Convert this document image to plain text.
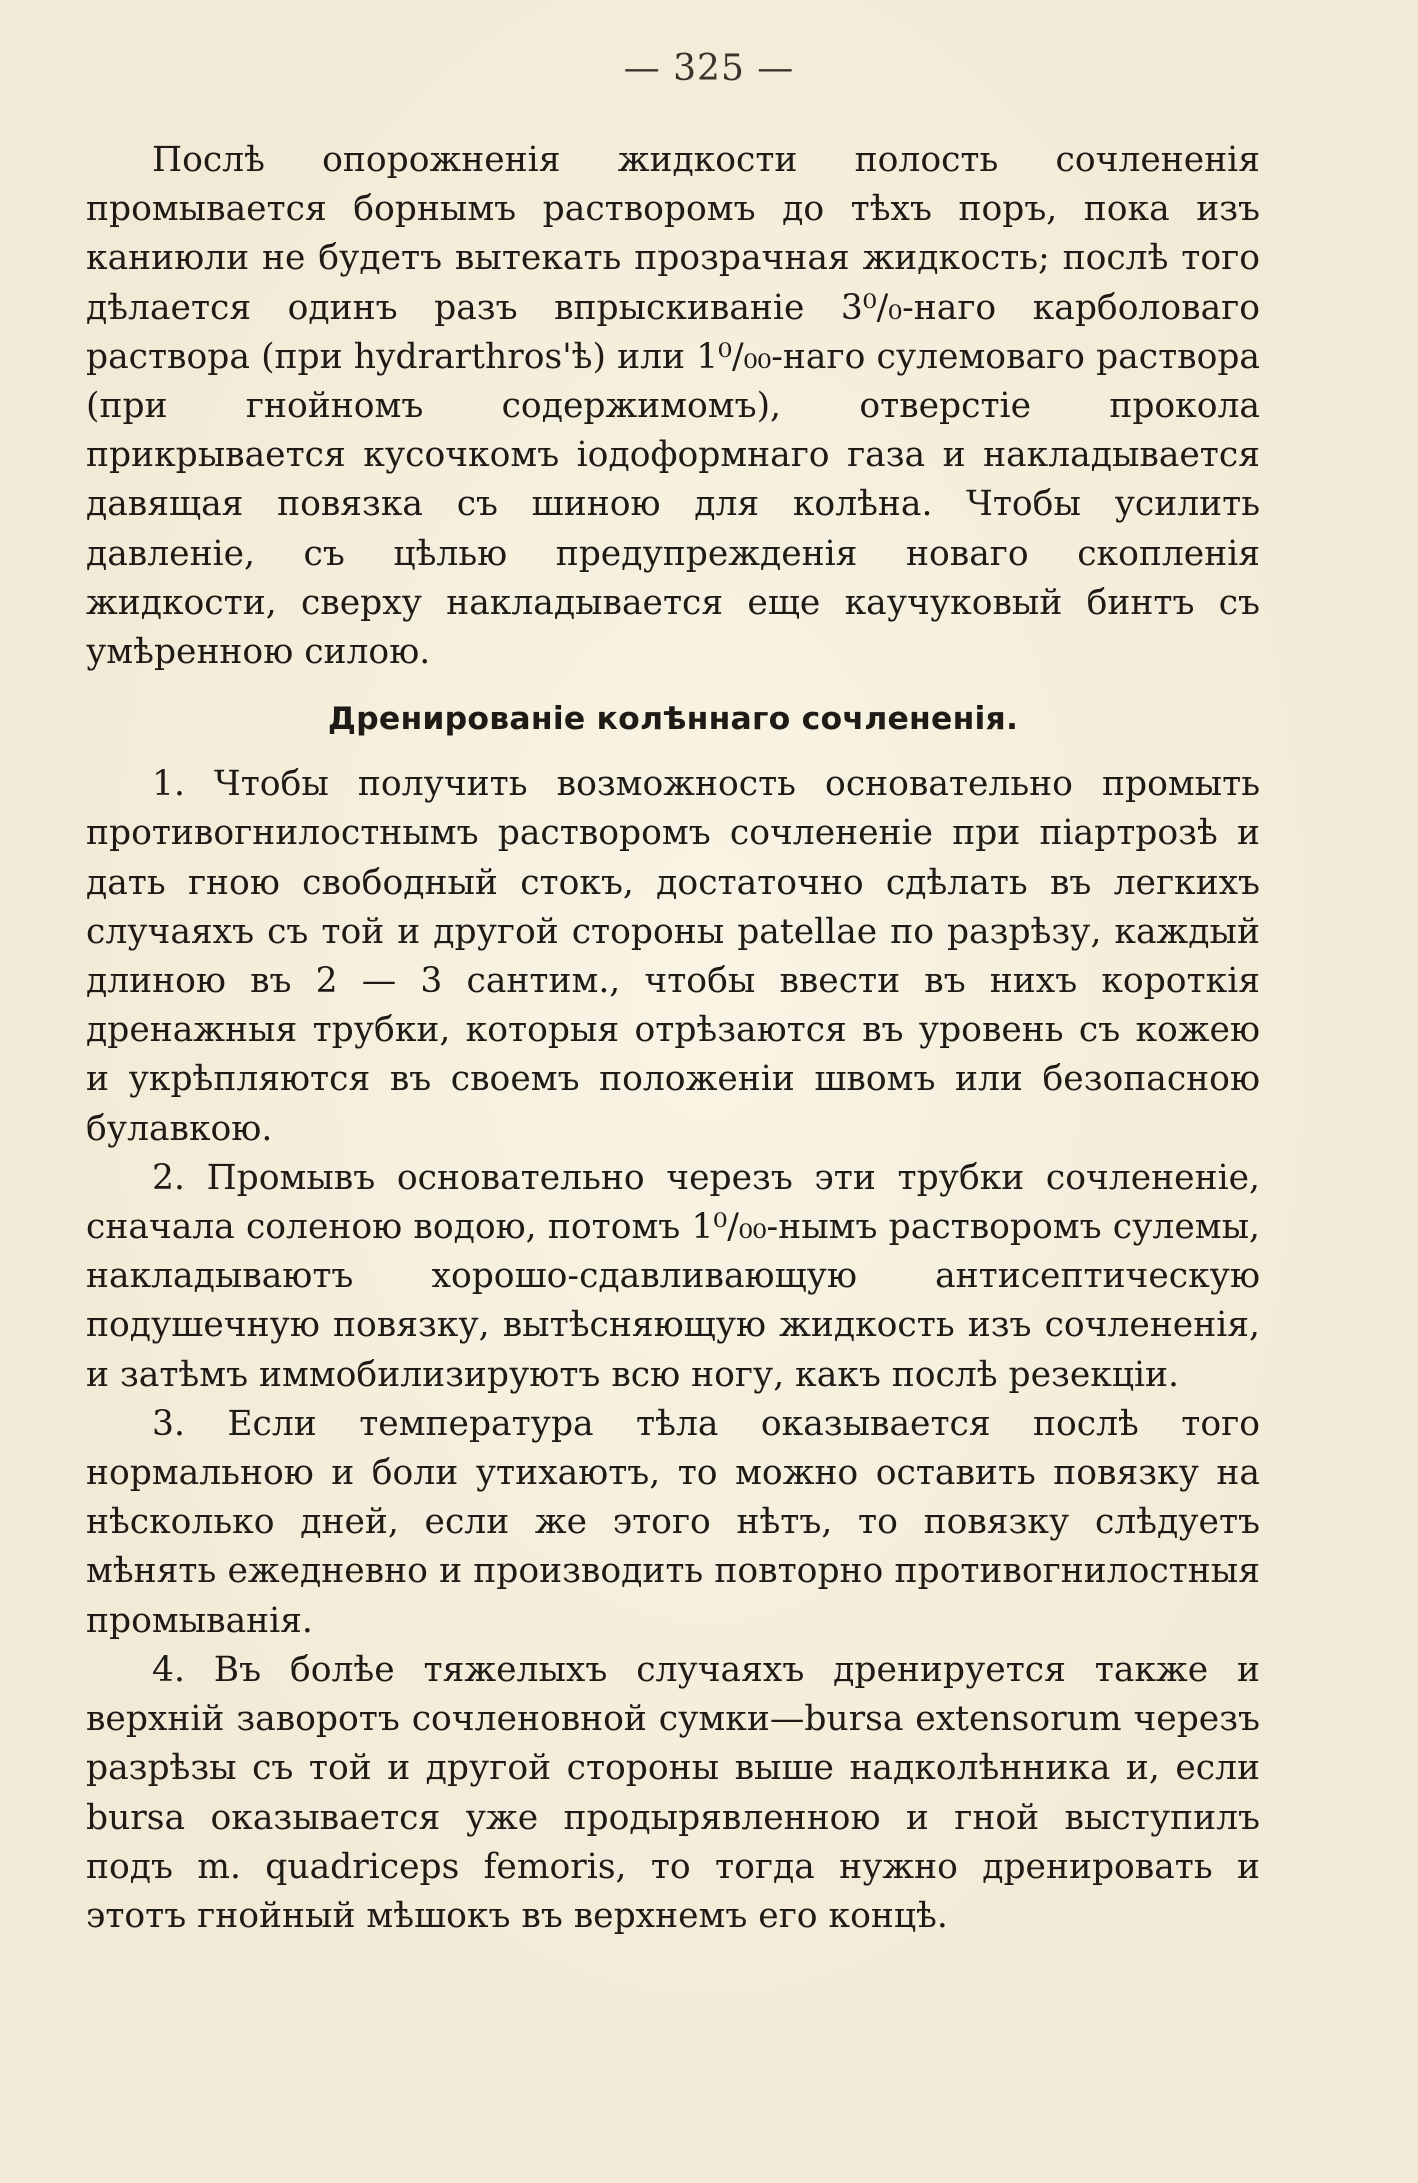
— 325 —

Послѣ опорожненія жидкости полость сочлененія промывается борнымъ растворомъ до тѣхъ поръ, пока изъ каниюли не будетъ вытекать прозрачная жидкость; послѣ того дѣлается одинъ разъ впрыскиваніе 3⁰/₀-наго карболоваго раствора (при hydrarthros'ѣ) или 1⁰/₀₀-наго сулемоваго раствора (при гнойномъ содержимомъ), отверстіе прокола прикрывается кусочкомъ іодоформнаго газа и накладывается давящая повязка съ шиною для колѣна. Чтобы усилить давленіе, съ цѣлью предупрежденія новаго скопленія жидкости, сверху накладывается еще каучуковый бинтъ съ умѣренною силою.

Дренированіе колѣннаго сочлененія.

1. Чтобы получить возможность основательно промыть противогнилостнымъ растворомъ сочлененіе при піартрозѣ и дать гною свободный стокъ, достаточно сдѣлать въ легкихъ случаяхъ съ той и другой стороны patellae по разрѣзу, каждый длиною въ 2 — 3 сантим., чтобы ввести въ нихъ короткія дренажныя трубки, которыя отрѣзаются въ уровень съ кожею и укрѣпляются въ своемъ положеніи швомъ или безопасною булавкою.

2. Промывъ основательно черезъ эти трубки сочлененіе, сначала соленою водою, потомъ 1⁰/₀₀-нымъ растворомъ сулемы, накладываютъ хорошо-сдавливающую антисептическую подушечную повязку, вытѣсняющую жидкость изъ сочлененія, и затѣмъ иммобилизируютъ всю ногу, какъ послѣ резекціи.

3. Если температура тѣла оказывается послѣ того нормальною и боли утихаютъ, то можно оставить повязку на нѣсколько дней, если же этого нѣтъ, то повязку слѣдуетъ мѣнять ежедневно и производить повторно противогнилостныя промыванія.

4. Въ болѣе тяжелыхъ случаяхъ дренируется также и верхній заворотъ сочленовной сумки—bursa extensorum черезъ разрѣзы съ той и другой стороны выше надколѣнника и, если bursa оказывается уже продырявленною и гной выступилъ подъ m. quadriceps femoris, то тогда нужно дренировать и этотъ гнойный мѣшокъ въ верхнемъ его концѣ.
